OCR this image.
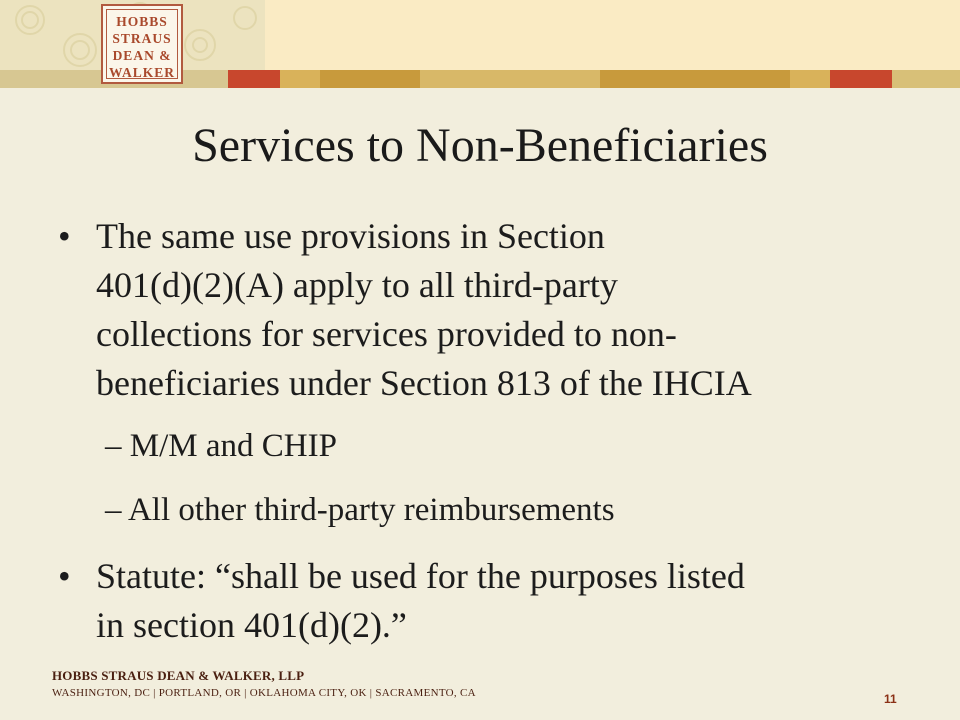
HOBBS
STRAUS
DEAN &
WALKER
Services to Non-Beneficiaries
• The same use provisions in Section
401(d)(2)(A) apply to all third-party
collections for services provided to non-
beneficiaries under Section 813 of the IHCIA
– M/M and CHIP
– All other third-party reimbursements
• Statute: “shall be used for the purposes listed
in section 401(d)(2).”
HOBBS STRAUS DEAN & WALKER, LLP
WASHINGTON, DC | PORTLAND, OR | OKLAHOMA CITY, OK | SACRAMENTO, CA	11
